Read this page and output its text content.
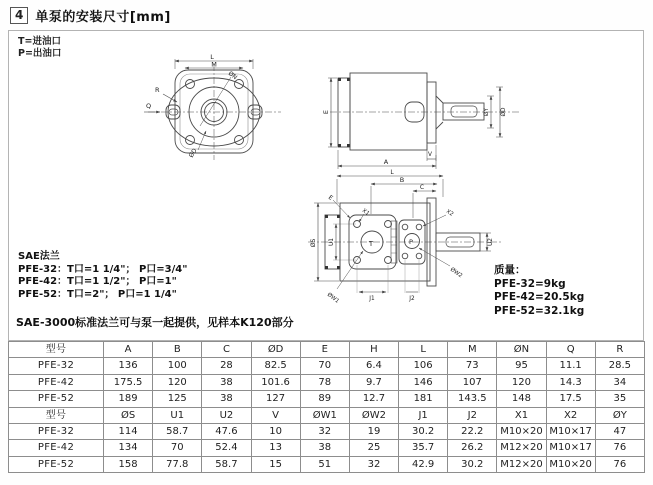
4 单泵的安装尺寸[mm]
T=进油口
P=出油口
SAE法兰
PFE-32：T口=1 1/4"； P口=3/4"
PFE-42：T口=1 1/2"； P口=1"
PFE-52：T口=2"； P口=1 1/4"
SAE-3000标准法兰可与泵一起提供，见样本K120部分
质量：
PFE-32=9kg
PFE-42=20.5kg
PFE-52=32.1kg
L
M
Q
R
ØN
ØD
E
A
V
ØY ØD
L
B
C
ØS U1	T	P	U2
E
X1	X2
ØW1
ØW2
J1	J2
型号	A	B	C	ØD	E	H	L	M	ØN	Q	R
PFE-32	136	100	28	82.5	70	6.4	106	73	95	11.1	28.5
PFE-42	175.5	120	38	101.6	78	9.7	146	107	120	14.3	34
PFE-52	189	125	38	127	89	12.7	181	143.5	148	17.5	35
型号	ØS	U1	U2	V	ØW1	ØW2	J1	J2	X1	X2	ØY
PFE-32	114	58.7	47.6	10	32	19	30.2	22.2	M10×20	M10×17	47
PFE-42	134	70	52.4	13	38	25	35.7	26.2	M12×20	M10×17	76
PFE-52	158	77.8	58.7	15	51	32	42.9	30.2	M12×20	M10×20	76
